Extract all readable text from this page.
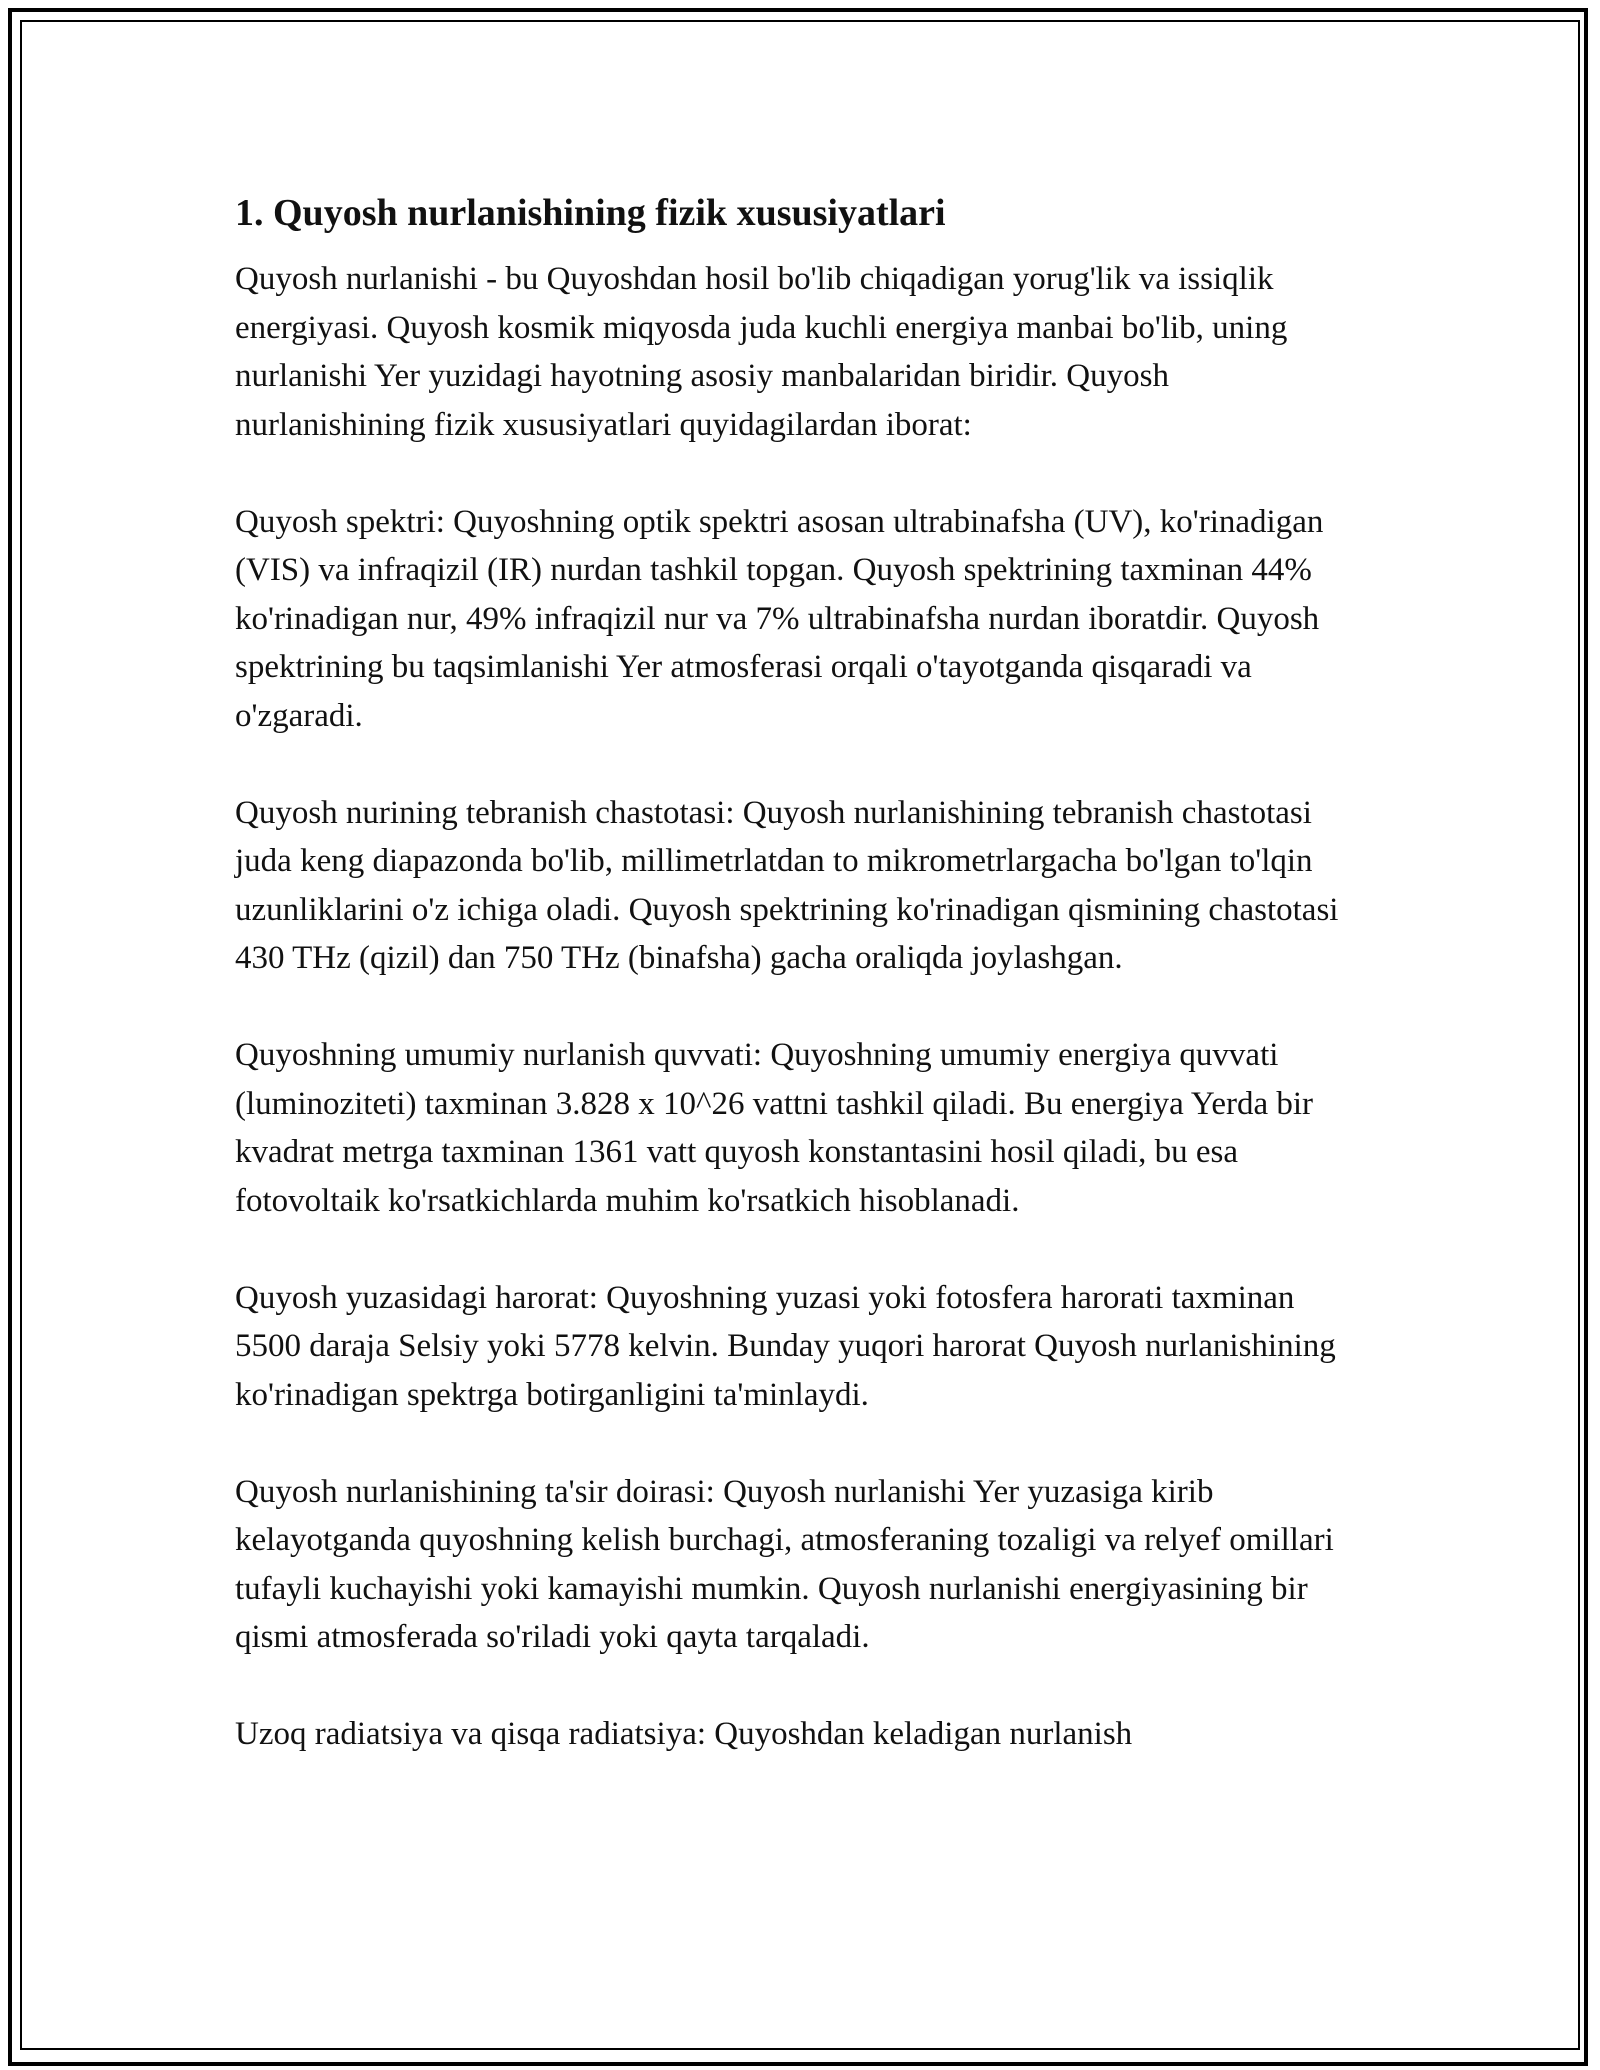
1. Quyosh nurlanishining fizik xususiyatlari

Quyosh nurlanishi - bu Quyoshdan hosil bo'lib chiqadigan yorug'lik va issiqlik energiyasi. Quyosh kosmik miqyosda juda kuchli energiya manbai bo'lib, uning nurlanishi Yer yuzidagi hayotning asosiy manbalaridan biridir. Quyosh nurlanishining fizik xususiyatlari quyidagilardan iborat:

Quyosh spektri: Quyoshning optik spektri asosan ultrabinafsha (UV), ko'rinadigan (VIS) va infraqizil (IR) nurdan tashkil topgan. Quyosh spektrining taxminan 44% ko'rinadigan nur, 49% infraqizil nur va 7% ultrabinafsha nurdan iboratdir. Quyosh spektrining bu taqsimlanishi Yer atmosferasi orqali o'tayotganda qisqaradi va o'zgaradi.

Quyosh nurining tebranish chastotasi: Quyosh nurlanishining tebranish chastotasi juda keng diapazonda bo'lib, millimetrlatdan to mikrometrlargacha bo'lgan to'lqin uzunliklarini o'z ichiga oladi. Quyosh spektrining ko'rinadigan qismining chastotasi 430 THz (qizil) dan 750 THz (binafsha) gacha oraliqda joylashgan.

Quyoshning umumiy nurlanish quvvati: Quyoshning umumiy energiya quvvati (luminoziteti) taxminan 3.828 x 10^26 vattni tashkil qiladi. Bu energiya Yerda bir kvadrat metrga taxminan 1361 vatt quyosh konstantasini hosil qiladi, bu esa fotovoltaik ko'rsatkichlarda muhim ko'rsatkich hisoblanadi.

Quyosh yuzasidagi harorat: Quyoshning yuzasi yoki fotosfera harorati taxminan 5500 daraja Selsiy yoki 5778 kelvin. Bunday yuqori harorat Quyosh nurlanishining ko'rinadigan spektrga botirganligini ta'minlaydi.

Quyosh nurlanishining ta'sir doirasi: Quyosh nurlanishi Yer yuzasiga kirib kelayotganda quyoshning kelish burchagi, atmosferaning tozaligi va relyef omillari tufayli kuchayishi yoki kamayishi mumkin. Quyosh nurlanishi energiyasining bir qismi atmosferada so'riladi yoki qayta tarqaladi.

Uzoq radiatsiya va qisqa radiatsiya: Quyoshdan keladigan nurlanish
